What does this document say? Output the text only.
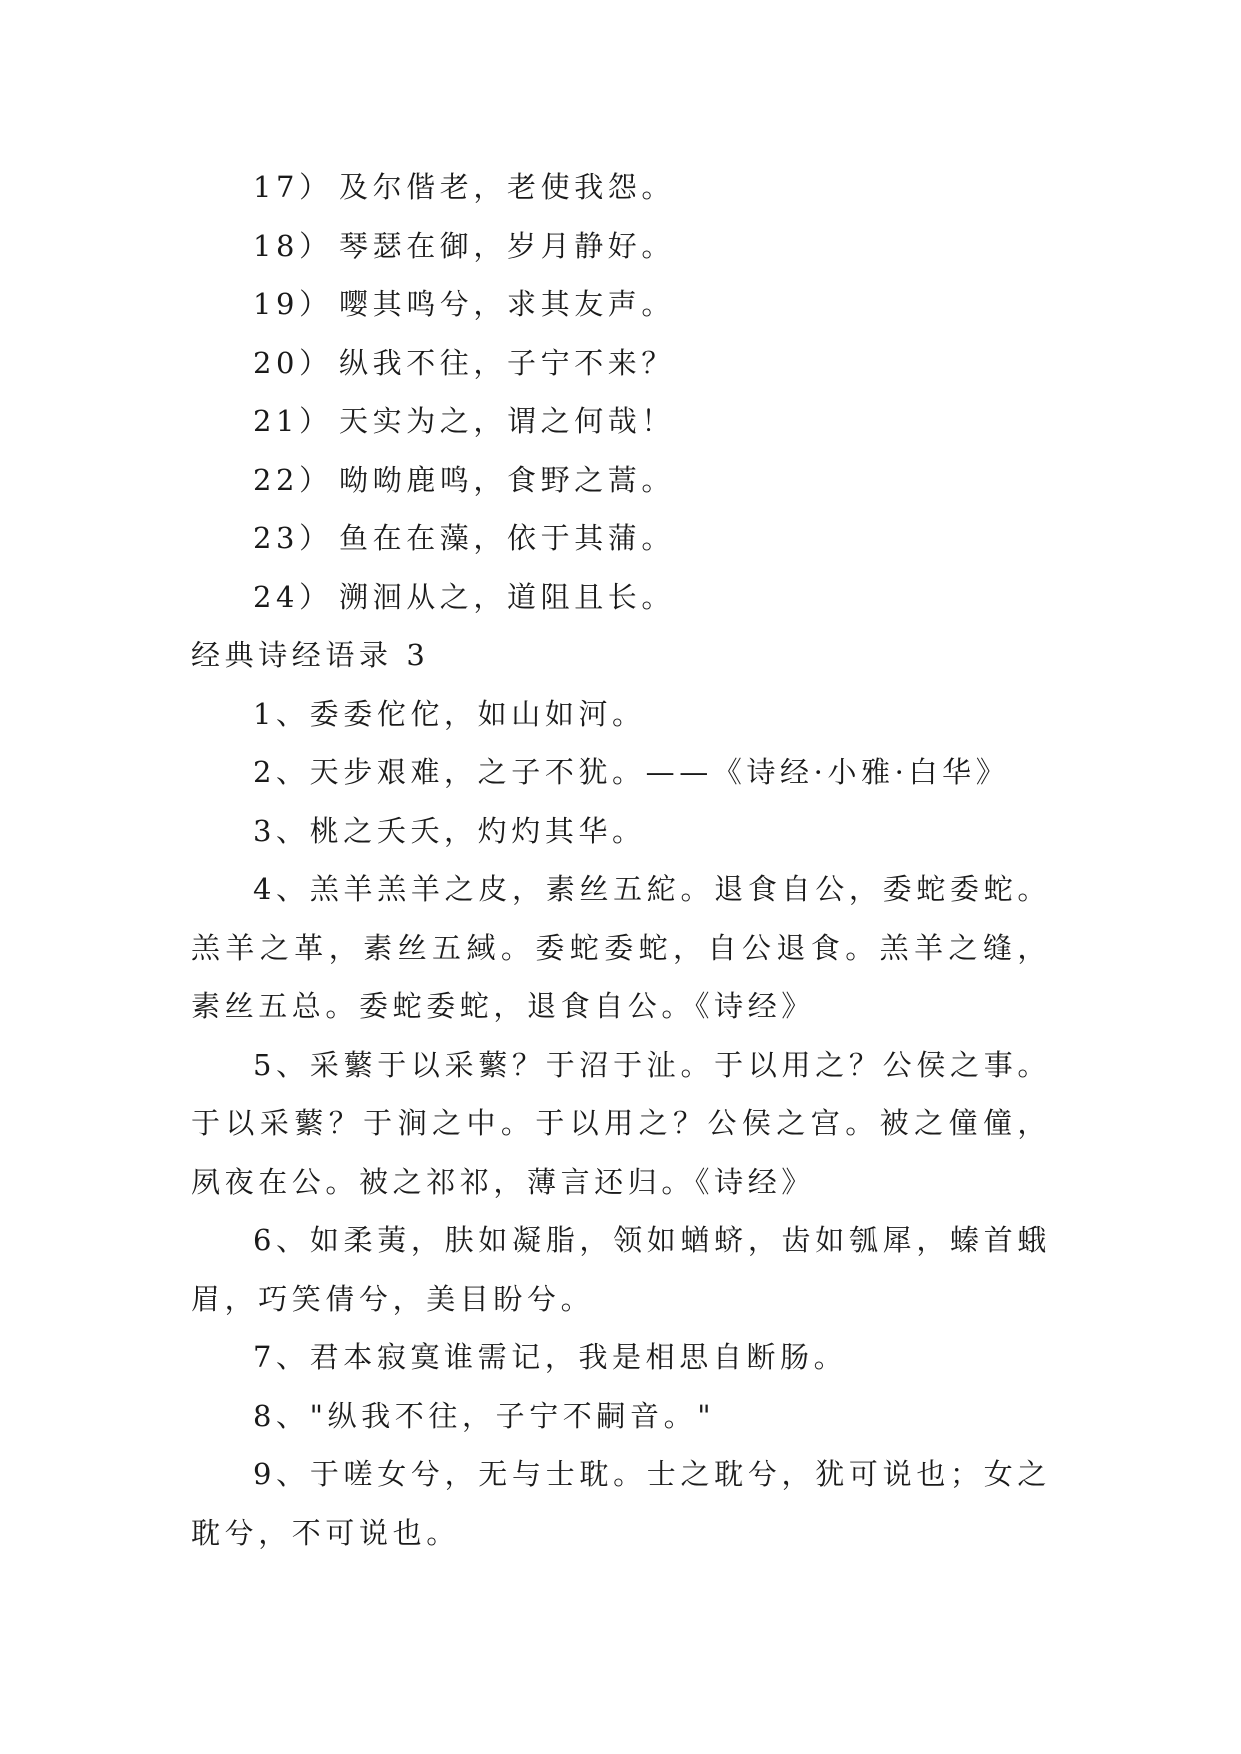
17） 及尔偕老，老使我怨。
18） 琴瑟在御，岁月静好。
19） 嘤其鸣兮，求其友声。
20） 纵我不往，子宁不来？
21） 天实为之，谓之何哉！
22） 呦呦鹿鸣，食野之蒿。
23） 鱼在在藻，依于其蒲。
24） 溯洄从之，道阻且长。
经典诗经语录 3

1、委委佗佗，如山如河。

2、天步艰难，之子不犹。——《诗经·小雅·白华》

3、桃之夭夭，灼灼其华。

4、羔羊羔羊之皮，素丝五紽。退食自公，委蛇委蛇。羔羊之革，素丝五緎。委蛇委蛇，自公退食。羔羊之缝，素丝五总。委蛇委蛇，退食自公。《诗经》

5、采蘩于以采蘩？于沼于沚。于以用之？公侯之事。于以采蘩？于涧之中。于以用之？公侯之宫。被之僮僮，夙夜在公。被之祁祁，薄言还归。《诗经》

6、如柔荑，肤如凝脂，领如蝤蛴，齿如瓠犀，螓首蛾眉，巧笑倩兮，美目盼兮。

7、君本寂寞谁需记，我是相思自断肠。

8、"纵我不往，子宁不嗣音。"

9、于嗟女兮，无与士耽。士之耽兮，犹可说也；女之耽兮，不可说也。
